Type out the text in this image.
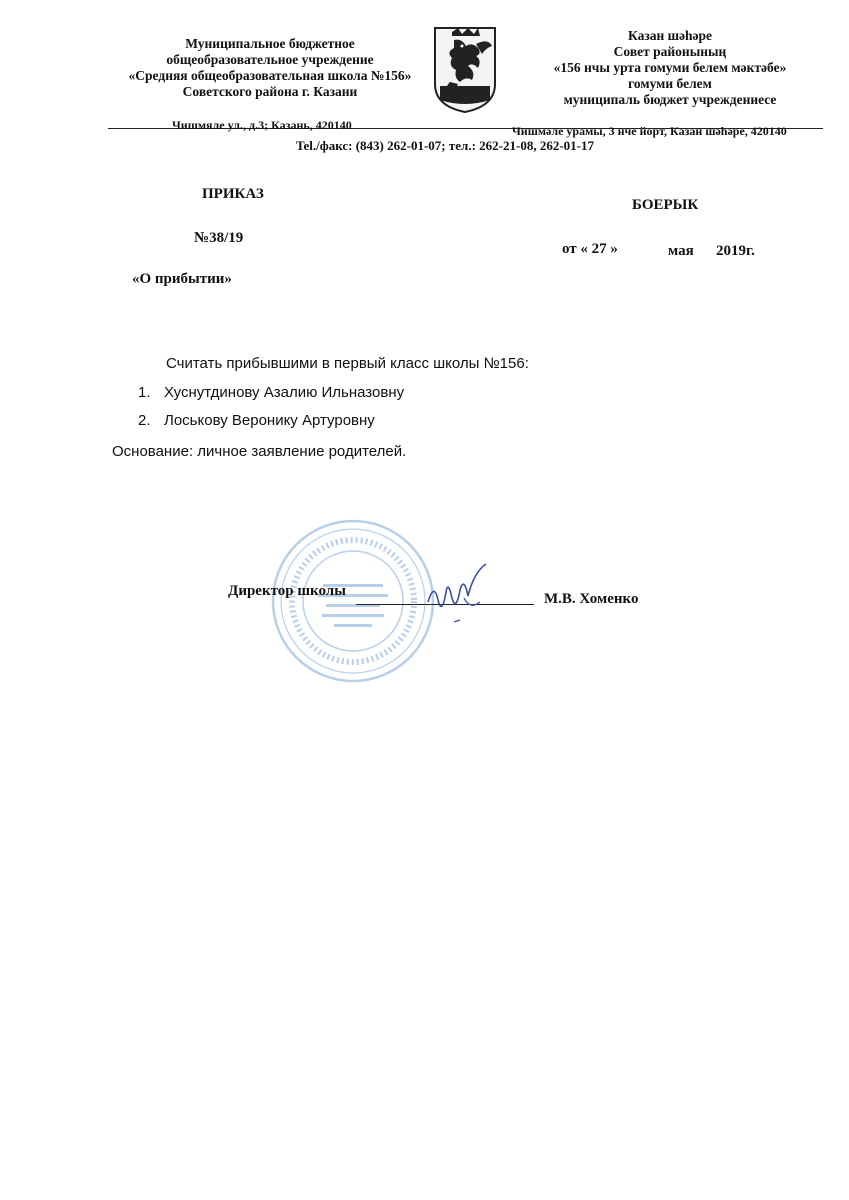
Муниципальное бюджетное
общеобразовательное учреждение
«Средняя общеобразовательная школа №156»
Советского района г. Казани
Казан шәһәре
Совет районының
«156 нчы урта гомуми белем мәктәбе»
гомуми белем
муниципаль бюджет учреждениесе
Чишмяле ул., д.3; Казань, 420140	Чишмәле урамы, 3 нче йорт, Казан шәһәре, 420140
Tel./факс: (843) 262-01-07; тел.: 262-21-08, 262-01-17
ПРИКАЗ
БОЕРЫК
№38/19
от « 27 »	мая 2019г.
«О прибытии»
Считать прибывшими в первый класс школы №156:
1. Хуснутдинову Азалию Ильназовну
2. Лоськову Веронику Артуровну
Основание: личное заявление родителей.
Директор школы	М.В. Хоменко
